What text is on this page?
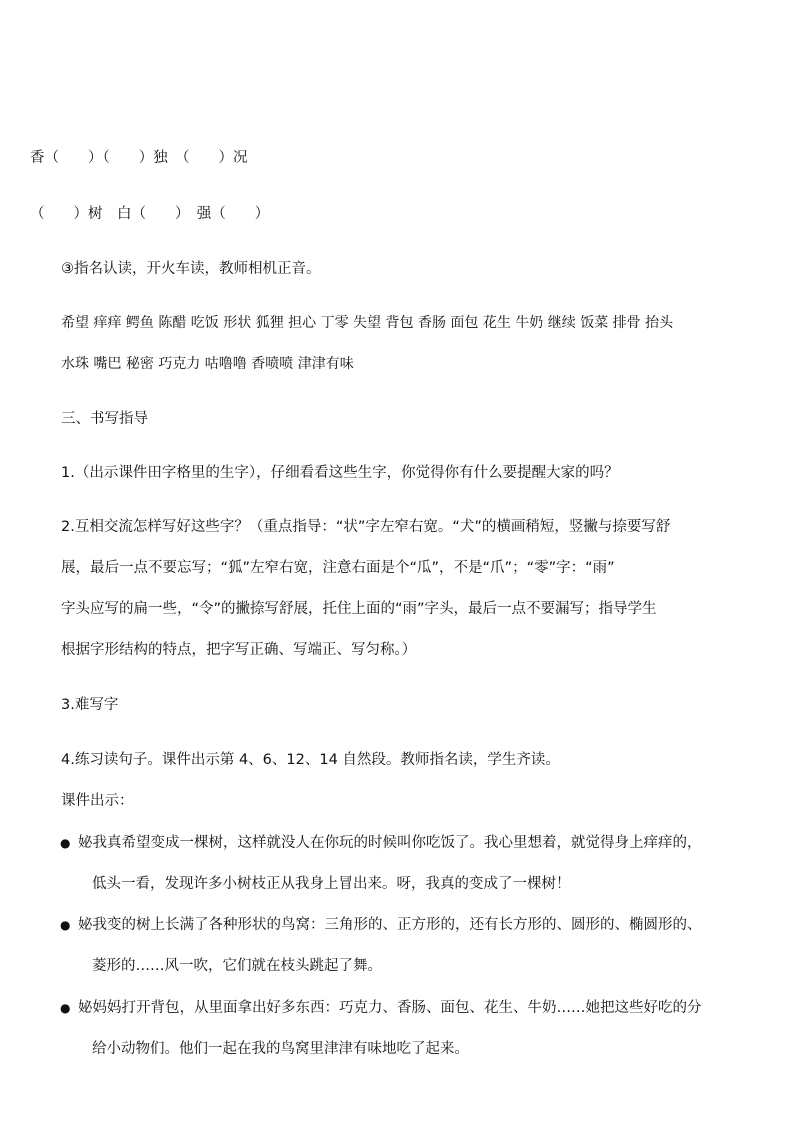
香（　　）（　　）独　（　　）况
（　　）树　白（　　）　强（　　）
③指名认读，开火车读，教师相机正音。
希望 痒痒 鳄鱼 陈醋 吃饭 形状 狐狸 担心 丁零 失望 背包 香肠 面包 花生 牛奶 继续 饭菜 排骨 抬头
水珠 嘴巴 秘密 巧克力 咕噜噜 香喷喷 津津有味
三、书写指导
1.（出示课件田字格里的生字），仔细看看这些生字，你觉得你有什么要提醒大家的吗？
2.互相交流怎样写好这些字？（重点指导：“状”字左窄右宽。“犬”的横画稍短，竖撇与捺要写舒
展，最后一点不要忘写；“狐”左窄右宽，注意右面是个“瓜”，不是“爪”；“零”字：“雨”
字头应写的扁一些，“令”的撇捺写舒展，托住上面的“雨”字头，最后一点不要漏写；指导学生
根据字形结构的特点，把字写正确、写端正、写匀称。）
3.难写字
4.练习读句子。课件出示第 4、6、12、14 自然段。教师指名读，学生齐读。
课件出示：
● 妼我真希望变成一棵树，这样就没人在你玩的时候叫你吃饭了。我心里想着，就觉得身上痒痒的，
低头一看，发现许多小树枝正从我身上冒出来。呀，我真的变成了一棵树！
● 妼我变的树上长满了各种形状的鸟窝：三角形的、正方形的，还有长方形的、圆形的、椭圆形的、
菱形的……风一吹，它们就在枝头跳起了舞。
● 妼妈妈打开背包，从里面拿出好多东西：巧克力、香肠、面包、花生、牛奶……她把这些好吃的分
给小动物们。他们一起在我的鸟窝里津津有味地吃了起来。
